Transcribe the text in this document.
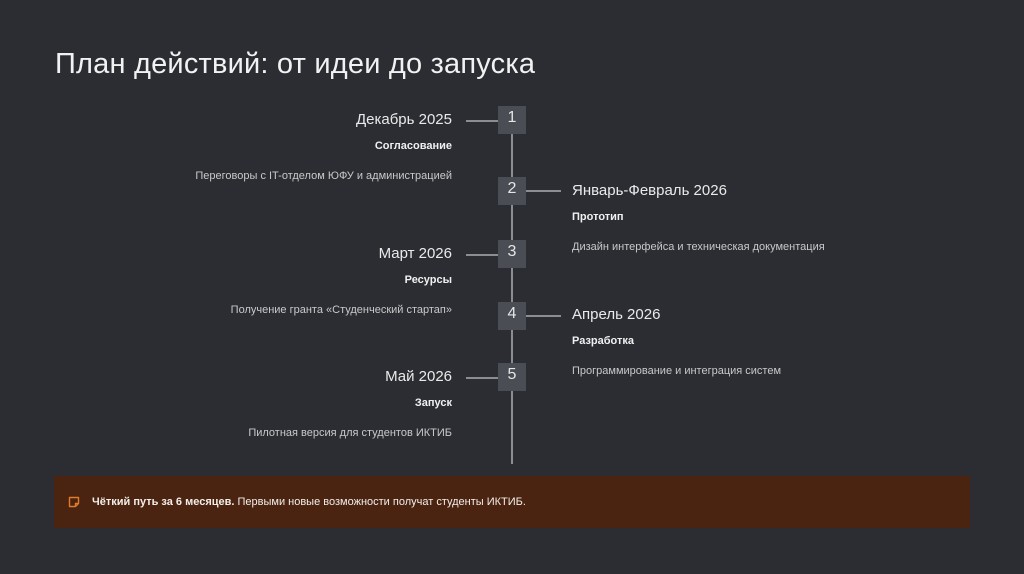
План действий: от идеи до запуска
1
Декабрь 2025
Согласование
Переговоры с IT-отделом ЮФУ и администрацией
2	Январь-Февраль 2026
Прототип
Дизайн интерфейса и техническая документация
3
Март 2026
Ресурсы
Получение гранта «Студенческий стартап»	4	Апрель 2026
Разработка
Программирование и интеграция систем
5
Май 2026
Запуск
Пилотная версия для студентов ИКТИБ
Чёткий путь за 6 месяцев. Первыми новые возможности получат студенты ИКТИБ.
